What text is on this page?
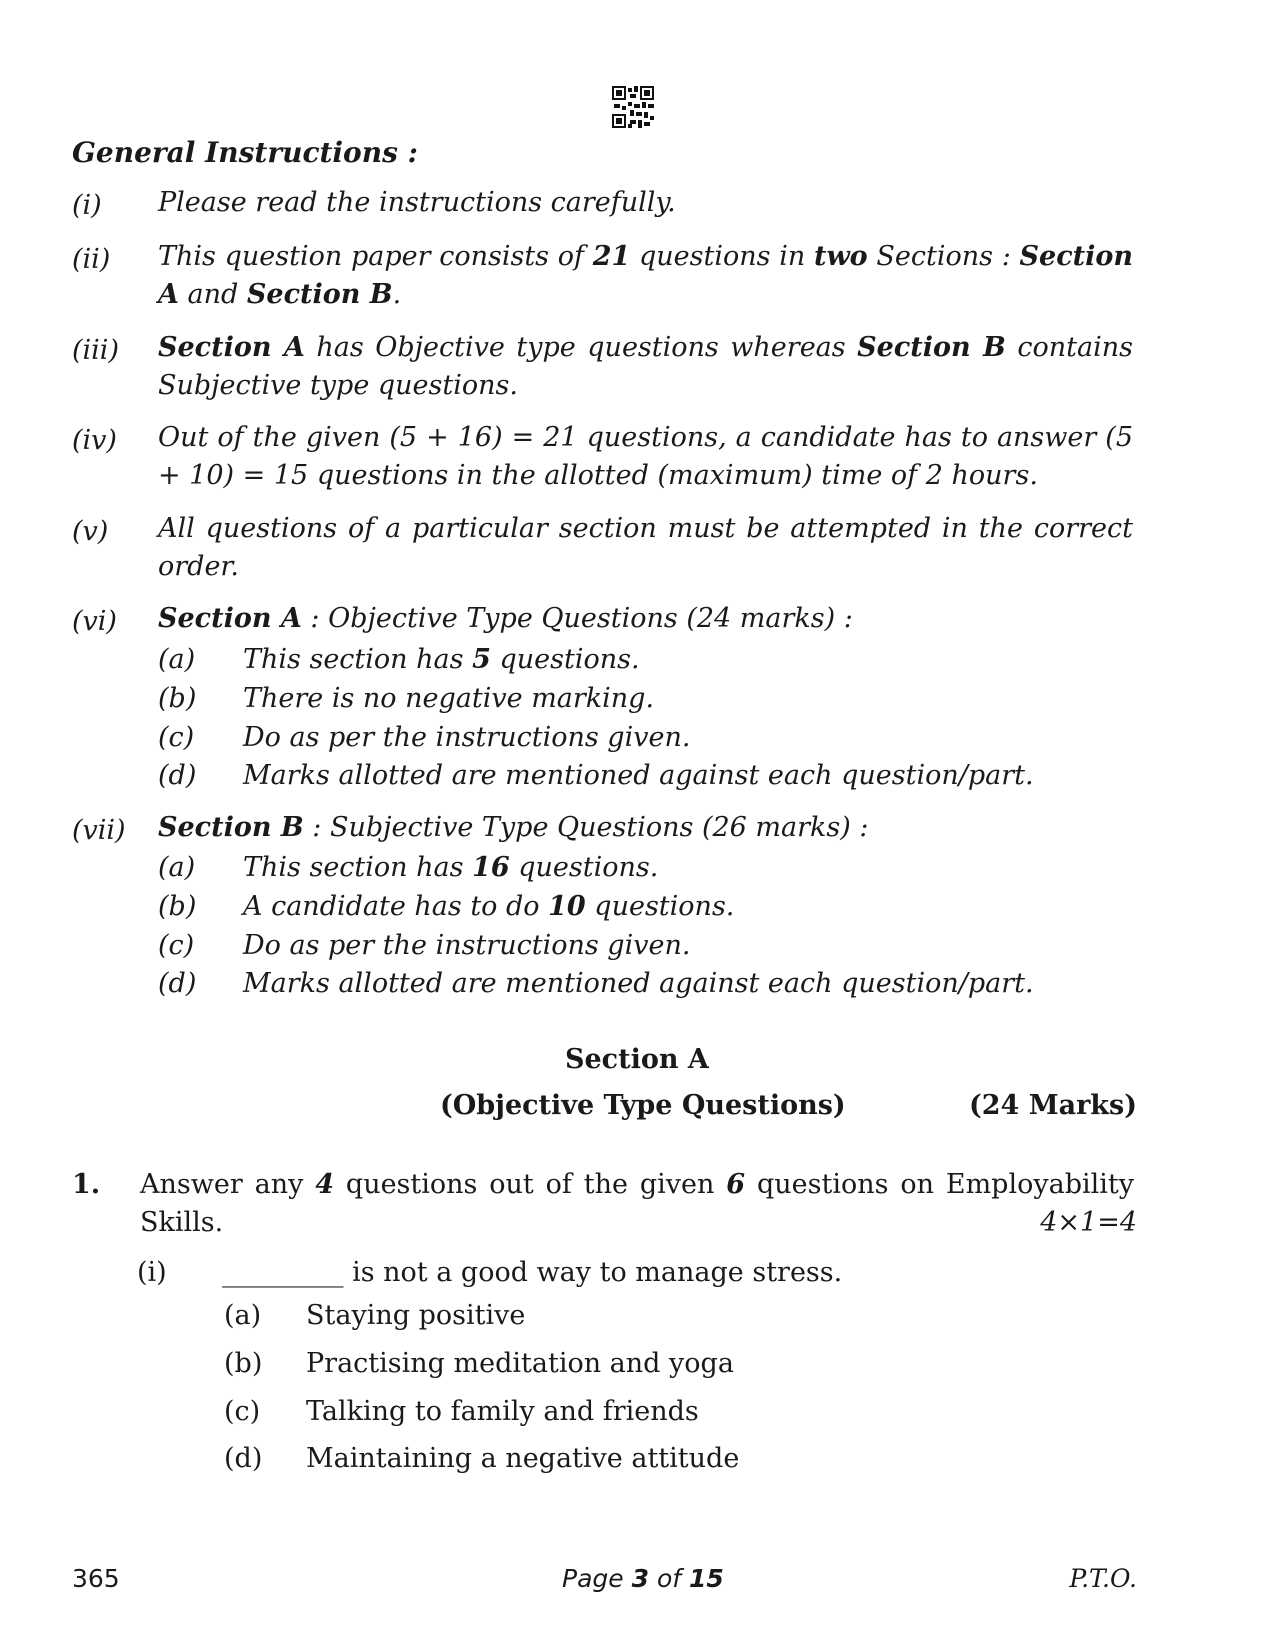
General Instructions :
(i) Please read the instructions carefully.
(ii) This question paper consists of 21 questions in two Sections : Section A and Section B.
(iii) Section A has Objective type questions whereas Section B contains Subjective type questions.
(iv) Out of the given (5 + 16) = 21 questions, a candidate has to answer (5 + 10) = 15 questions in the allotted (maximum) time of 2 hours.
(v) All questions of a particular section must be attempted in the correct order.
(vi) Section A : Objective Type Questions (24 marks) :
(a) This section has 5 questions.
(b) There is no negative marking.
(c) Do as per the instructions given.
(d) Marks allotted are mentioned against each question/part.
(vii) Section B : Subjective Type Questions (26 marks) :
(a) This section has 16 questions.
(b) A candidate has to do 10 questions.
(c) Do as per the instructions given.
(d) Marks allotted are mentioned against each question/part.
Section A
(Objective Type Questions)	(24 Marks)
1. Answer any 4 questions out of the given 6 questions on Employability Skills.	4×1=4
(i) _________ is not a good way to manage stress.
(a) Staying positive
(b) Practising meditation and yoga
(c) Talking to family and friends
(d) Maintaining a negative attitude
365	Page 3 of 15	P.T.O.
